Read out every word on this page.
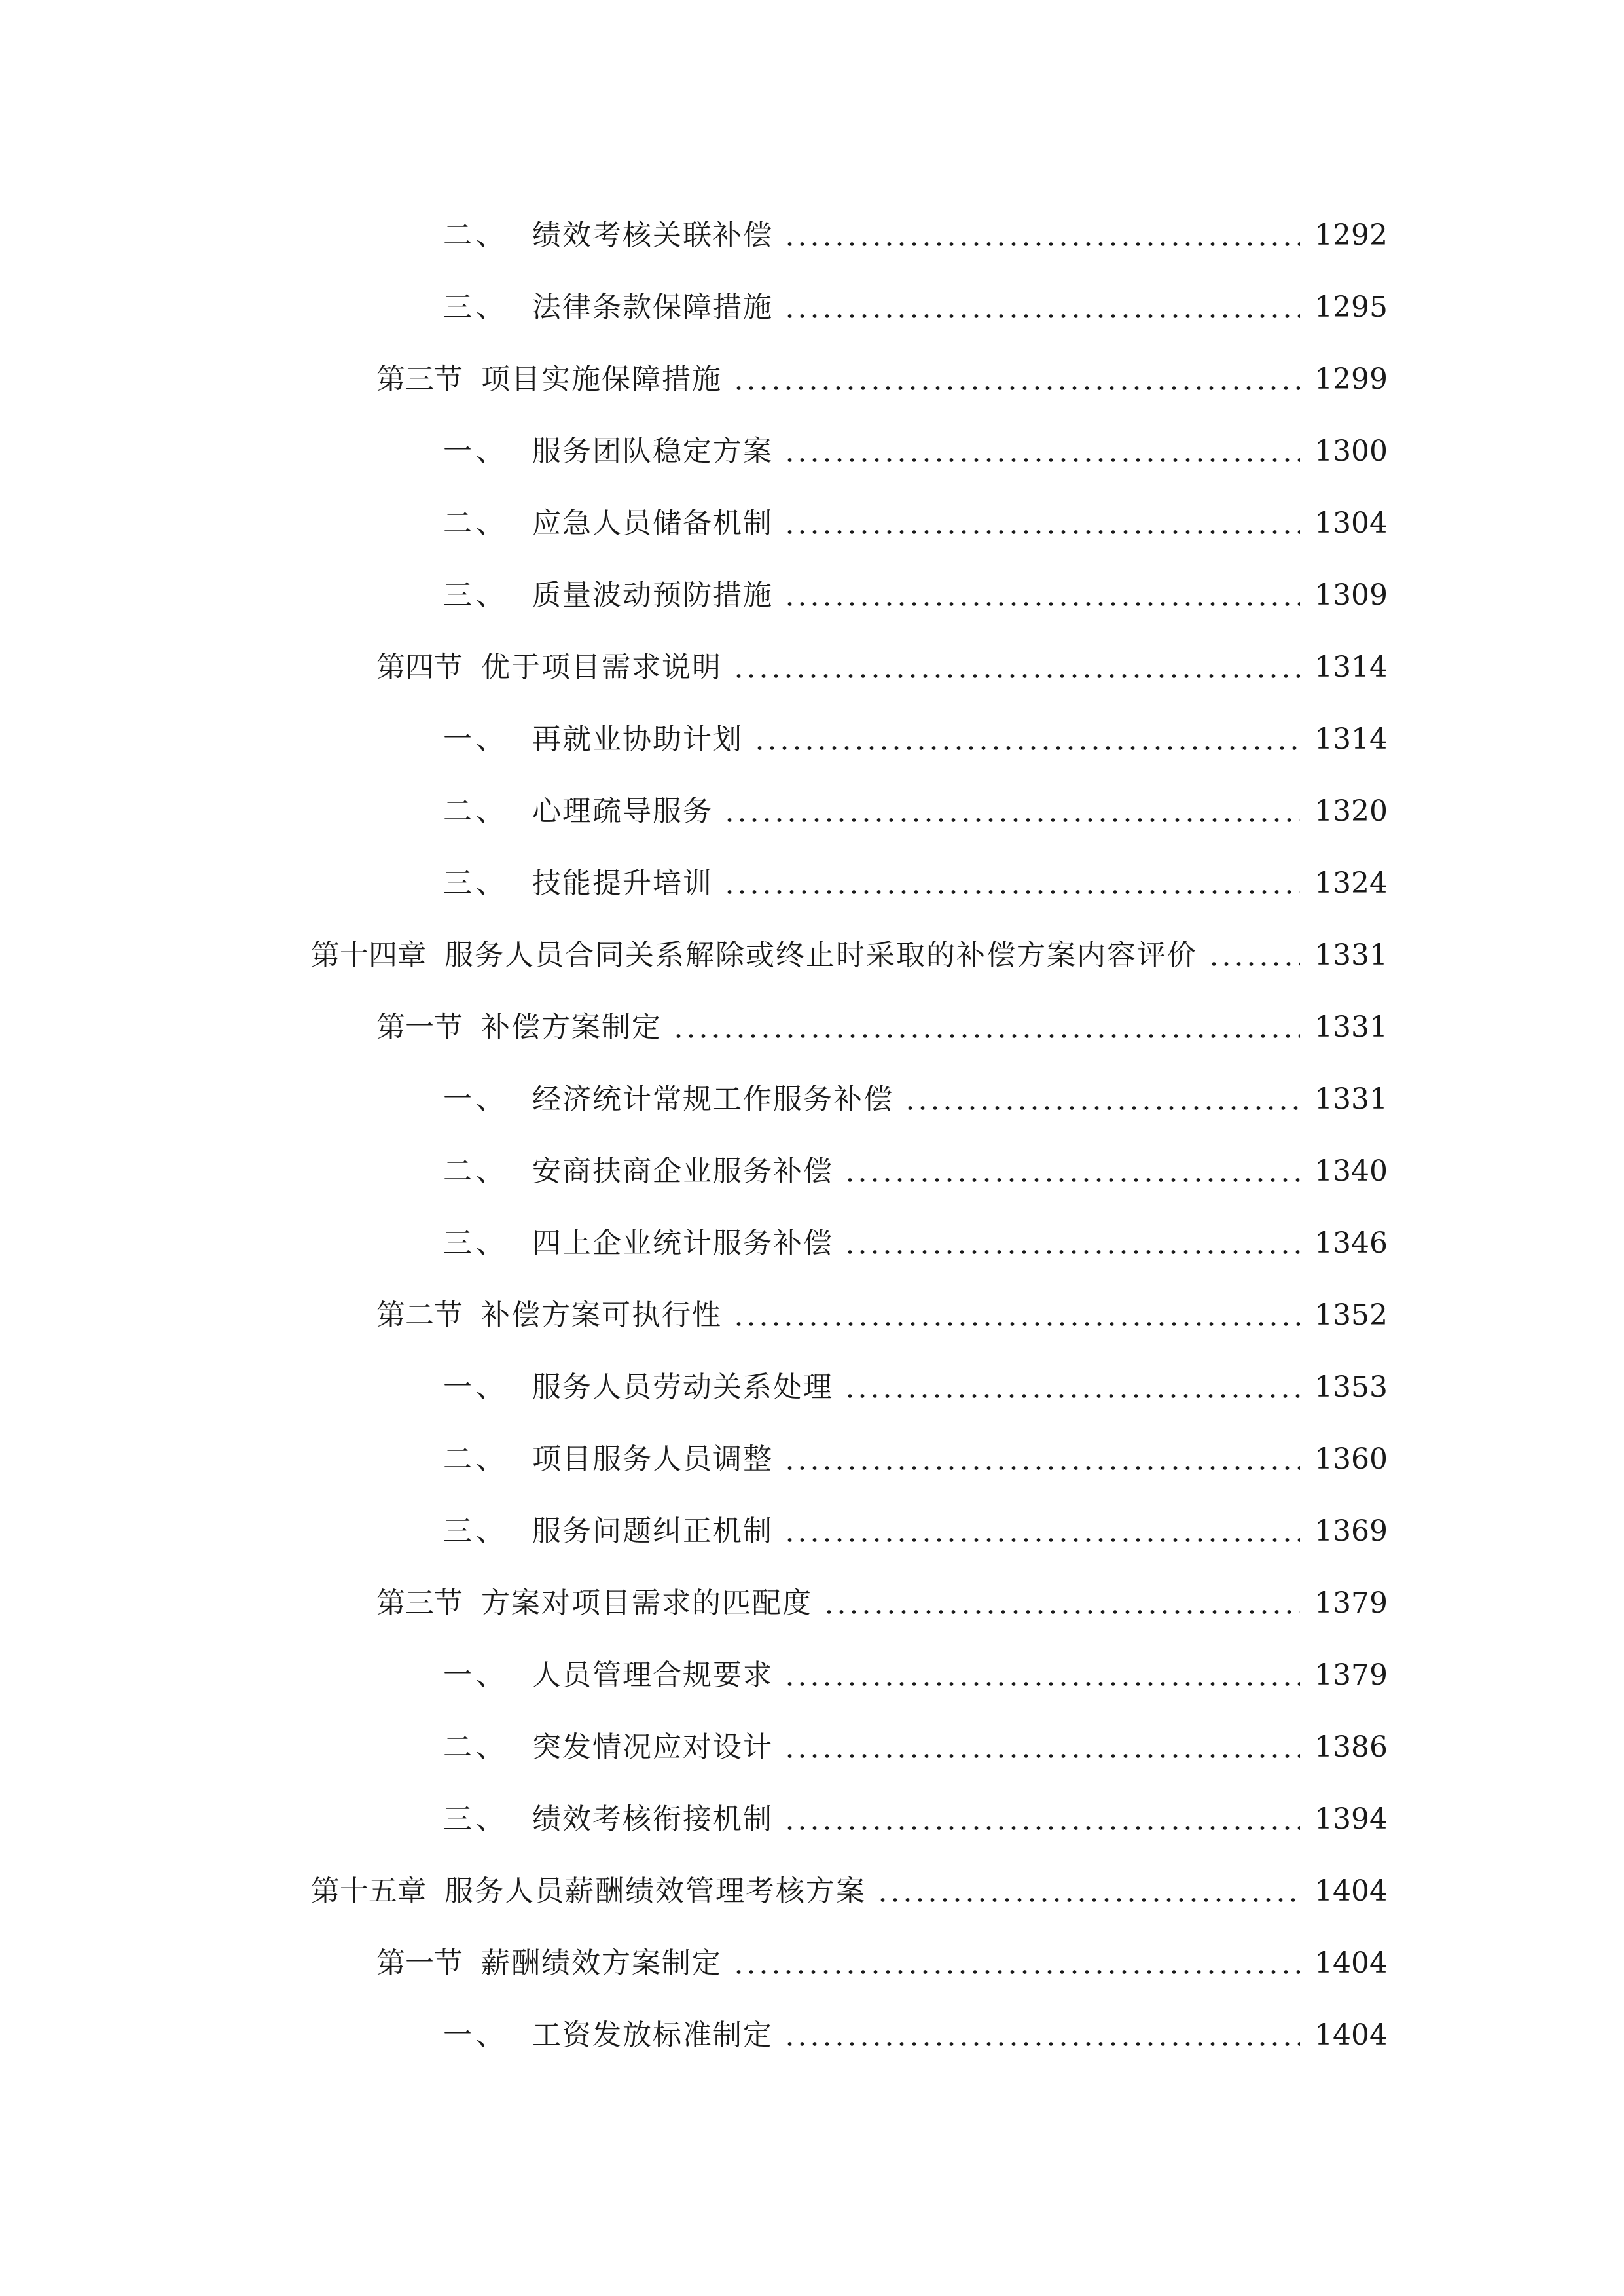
二、 绩效考核关联补偿	1292
三、 法律条款保障措施	1295
第三节 项目实施保障措施	1299
一、 服务团队稳定方案	1300
二、 应急人员储备机制	1304
三、 质量波动预防措施	1309
第四节 优于项目需求说明	1314
一、 再就业协助计划	1314
二、 心理疏导服务	1320
三、 技能提升培训	1324
第十四章 服务人员合同关系解除或终止时采取的补偿方案内容评价	1331
第一节 补偿方案制定	1331
一、 经济统计常规工作服务补偿	1331
二、 安商扶商企业服务补偿	1340
三、 四上企业统计服务补偿	1346
第二节 补偿方案可执行性	1352
一、 服务人员劳动关系处理	1353
二、 项目服务人员调整	1360
三、 服务问题纠正机制	1369
第三节 方案对项目需求的匹配度	1379
一、 人员管理合规要求	1379
二、 突发情况应对设计	1386
三、 绩效考核衔接机制	1394
第十五章 服务人员薪酬绩效管理考核方案	1404
第一节 薪酬绩效方案制定	1404
一、 工资发放标准制定	1404
